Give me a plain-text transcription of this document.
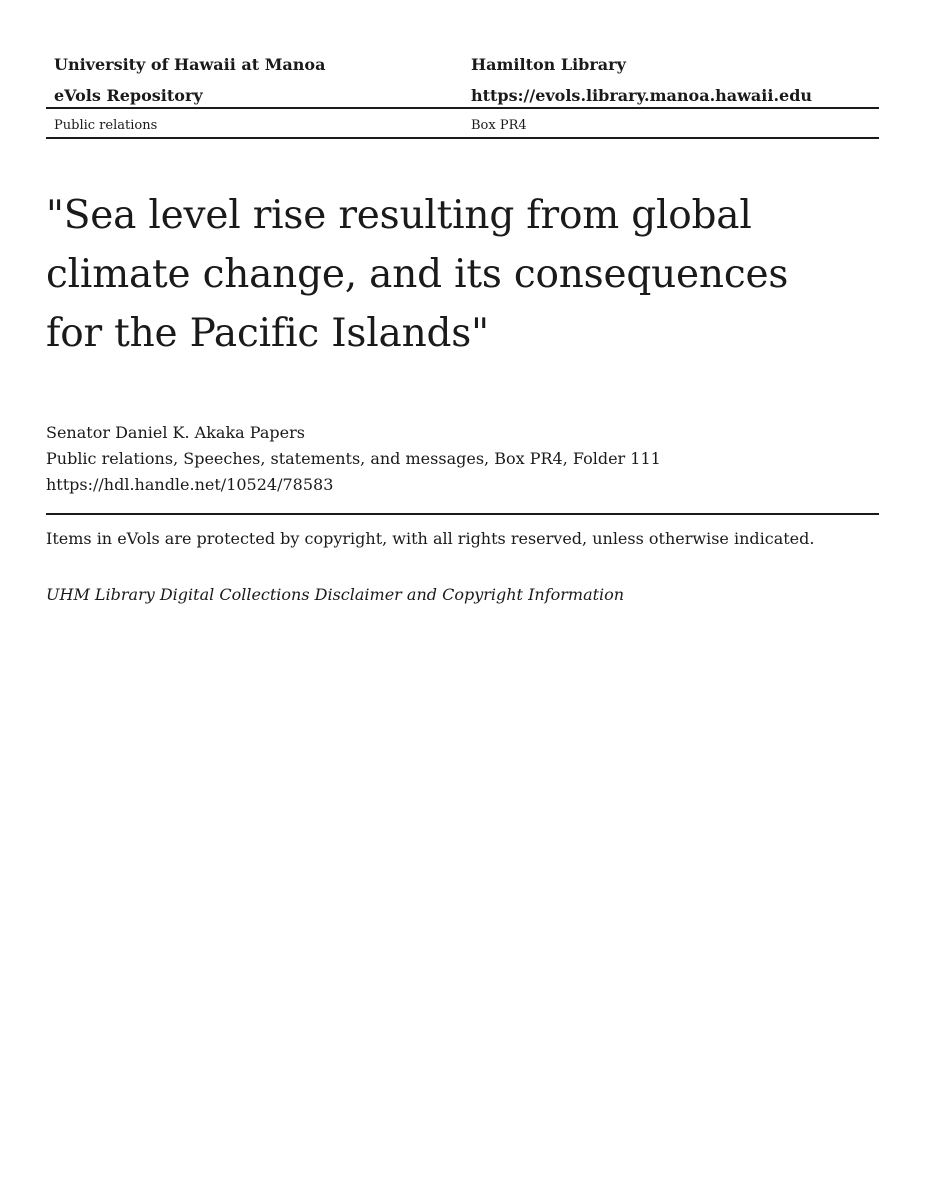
University of Hawaii at Manoa	Hamilton Library
eVols Repository	https://evols.library.manoa.hawaii.edu
Public relations	Box PR4
"Sea level rise resulting from global
climate change, and its consequences
for the Pacific Islands"
Senator Daniel K. Akaka Papers
Public relations, Speeches, statements, and messages, Box PR4, Folder 111
https://hdl.handle.net/10524/78583
Items in eVols are protected by copyright, with all rights reserved, unless otherwise indicated.
UHM Library Digital Collections Disclaimer and Copyright Information
